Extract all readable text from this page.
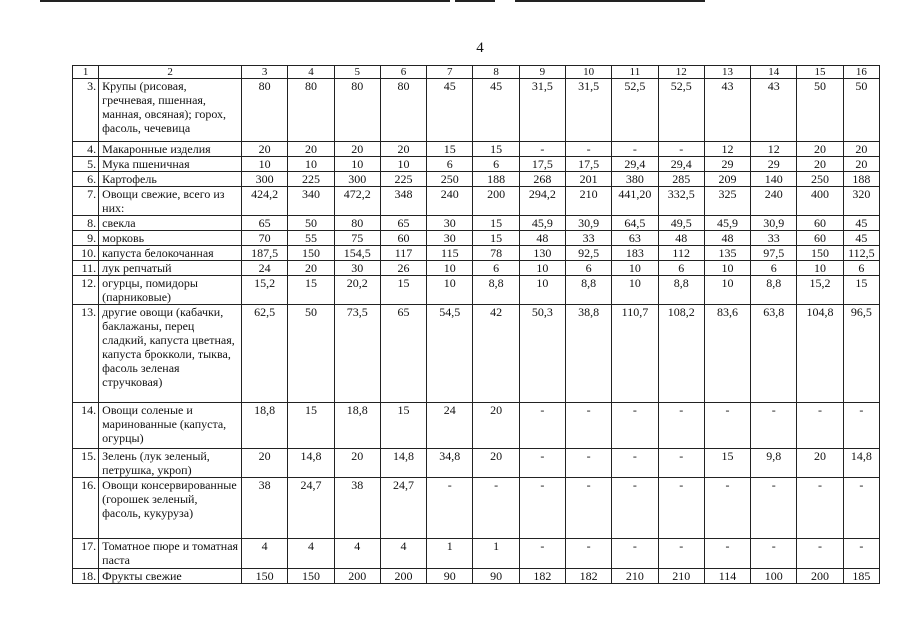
4
1	2	3	4	5	6	7	8	9	10	11	12	13	14	15	16
3.	Крупы (рисовая, гречневая, пшенная, манная, овсяная); горох, фасоль, чечевица	80	80	80	80	45	45	31,5	31,5	52,5	52,5	43	43	50	50
4.	Макаронные изделия	20	20	20	20	15	15	-	-	-	-	12	12	20	20
5.	Мука пшеничная	10	10	10	10	6	6	17,5	17,5	29,4	29,4	29	29	20	20
6.	Картофель	300	225	300	225	250	188	268	201	380	285	209	140	250	188
7.	Овощи свежие, всего из них:	424,2	340	472,2	348	240	200	294,2	210	441,20	332,5	325	240	400	320
8.	свекла	65	50	80	65	30	15	45,9	30,9	64,5	49,5	45,9	30,9	60	45
9.	морковь	70	55	75	60	30	15	48	33	63	48	48	33	60	45
10.	капуста белокочанная	187,5	150	154,5	117	115	78	130	92,5	183	112	135	97,5	150	112,5
11.	лук репчатый	24	20	30	26	10	6	10	6	10	6	10	6	10	6
12.	огурцы, помидоры (парниковые)	15,2	15	20,2	15	10	8,8	10	8,8	10	8,8	10	8,8	15,2	15
13.	другие овощи (кабачки, баклажаны, перец сладкий, капуста цветная, капуста брокколи, тыква, фасоль зеленая стручковая)	62,5	50	73,5	65	54,5	42	50,3	38,8	110,7	108,2	83,6	63,8	104,8	96,5
14.	Овощи соленые и маринованные (капуста, огурцы)	18,8	15	18,8	15	24	20	-	-	-	-	-	-	-	-
15.	Зелень (лук зеленый, петрушка, укроп)	20	14,8	20	14,8	34,8	20	-	-	-	-	15	9,8	20	14,8
16.	Овощи консервированные (горошек зеленый, фасоль, кукуруза)	38	24,7	38	24,7	-	-	-	-	-	-	-	-	-	-
17.	Томатное пюре и томатная паста	4	4	4	4	1	1	-	-	-	-	-	-	-	-
18.	Фрукты свежие	150	150	200	200	90	90	182	182	210	210	114	100	200	185
